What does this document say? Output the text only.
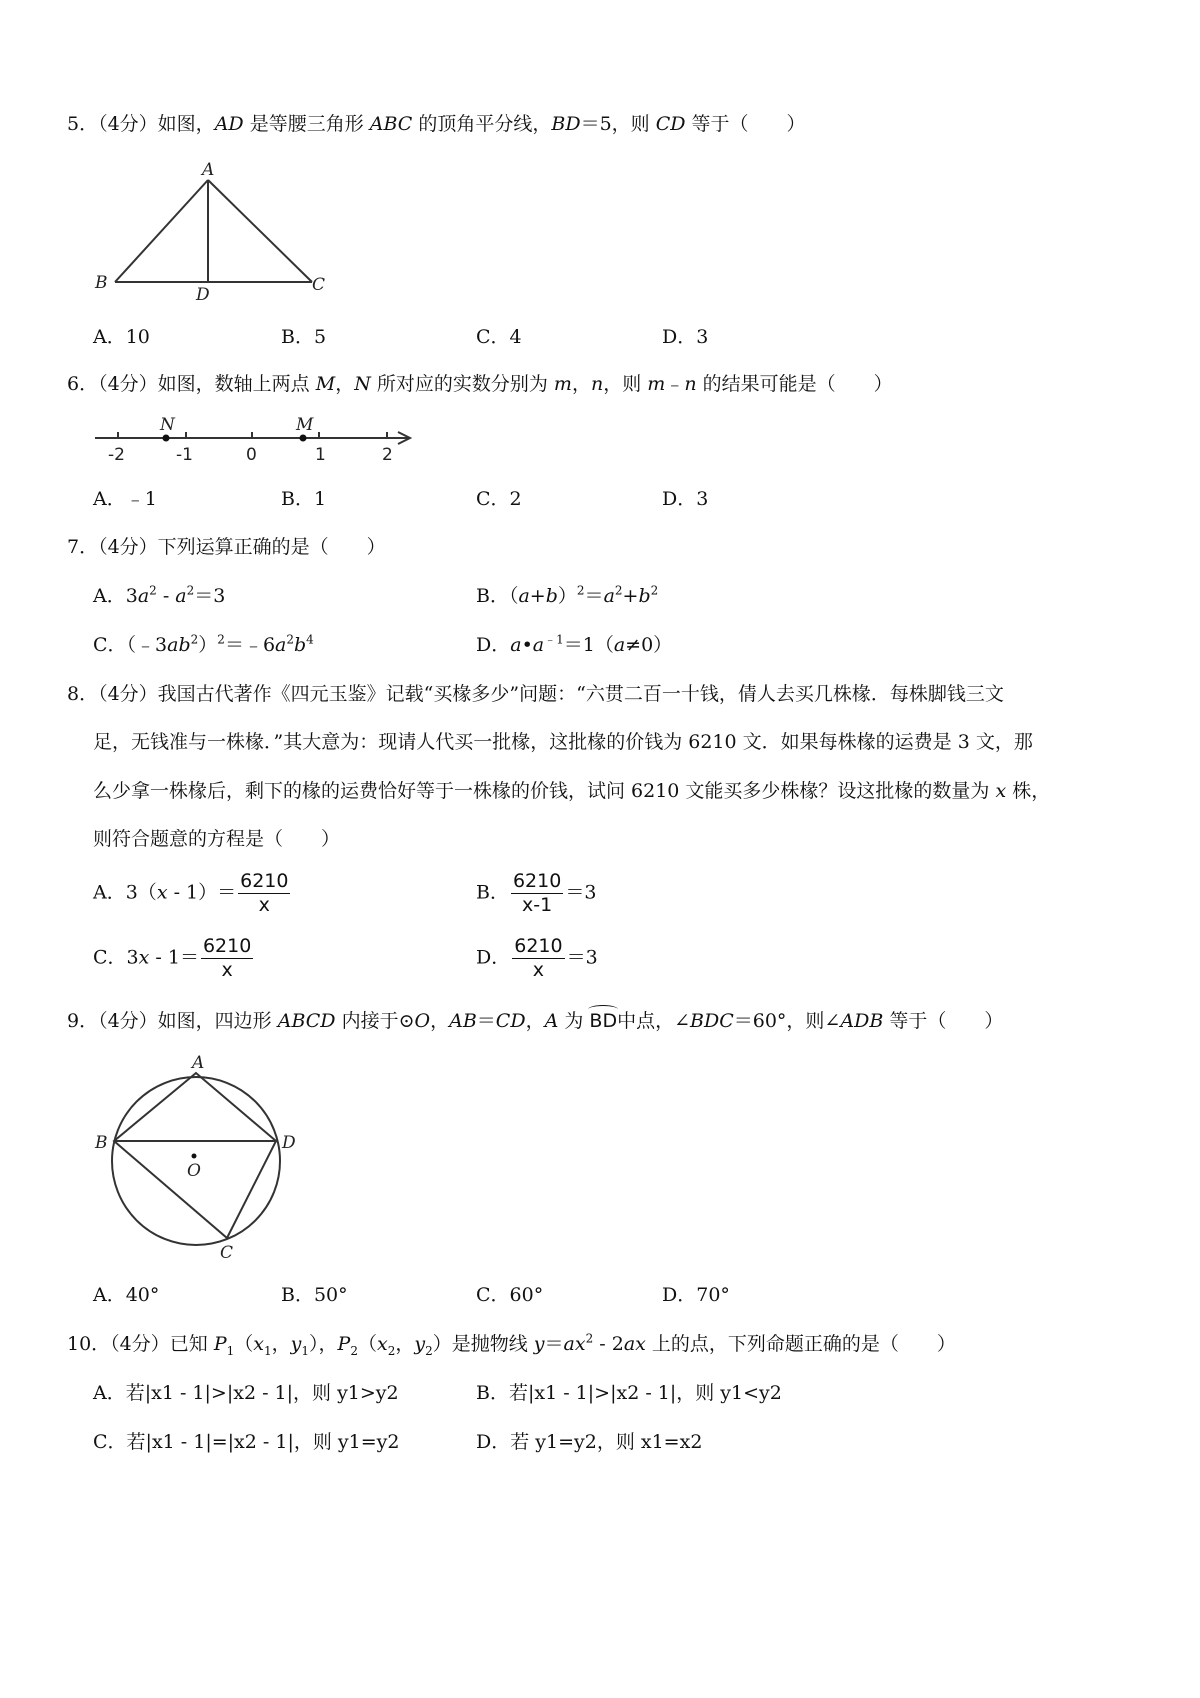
5．（4分）如图，AD 是等腰三角形 ABC 的顶角平分线，BD＝5，则 CD 等于（　　）
A
B	C
D
A．10	B．5	C．4	D．3
6．（4分）如图，数轴上两点 M，N 所对应的实数分别为 m，n，则 m﹣n 的结果可能是（　　）
N	M
-2	-1	0	1	2
A．﹣1	B．1	C．2	D．3
7．（4分）下列运算正确的是（　　）
A．$3a^2 - a^2=3$	B．$(a+b)^2=a^2+b^2$
C．$(﹣3ab^2)^2=﹣6a^2b^4$	D．$a•a^{﹣1}=1(a\ne 0)$
8．（4分）我国古代著作《四元玉鉴》记载“买椽多少”问题：“六贯二百一十钱，倩人去买几株椽．每株脚钱三文
足，无钱准与一株椽．”其大意为：现请人代买一批椽，这批椽的价钱为 6210 文．如果每株椽的运费是 3 文，那
么少拿一株椽后，剩下的椽的运费恰好等于一株椽的价钱，试问 6210 文能买多少株椽？设这批椽的数量为 x 株，
则符合题意的方程是（　　）
A．$3(x - 1)= \frac{6210}{x}$	B． $\frac{6210}{x-1} =3$
C．$3x - 1= \frac{6210}{x}$	D． $\frac{6210}{x} =3$
9．（4分）如图，四边形 ABCD 内接于⊙O，AB＝CD，A 为 BD中点，∠BDC＝60°，则∠ADB 等于（　　）
A
B	D
C
O
A．40°	B．50°	C．60°	D．70°
10．（4分）已知 $P_1(x_1$，$y_1$），$P_2(x_2$，$y_2$）是抛物线 $y=ax^2 - 2ax$ 上的点，下列命题正确的是（　　）
A．若|x1 - 1|>|x2 - 1|，则 y1>y2	B．若|x1 - 1|>|x2 - 1|，则 y1<y2
C．若|x1 - 1|=|x2 - 1|，则 y1=y2	D．若 y1=y2，则 x1=x2
